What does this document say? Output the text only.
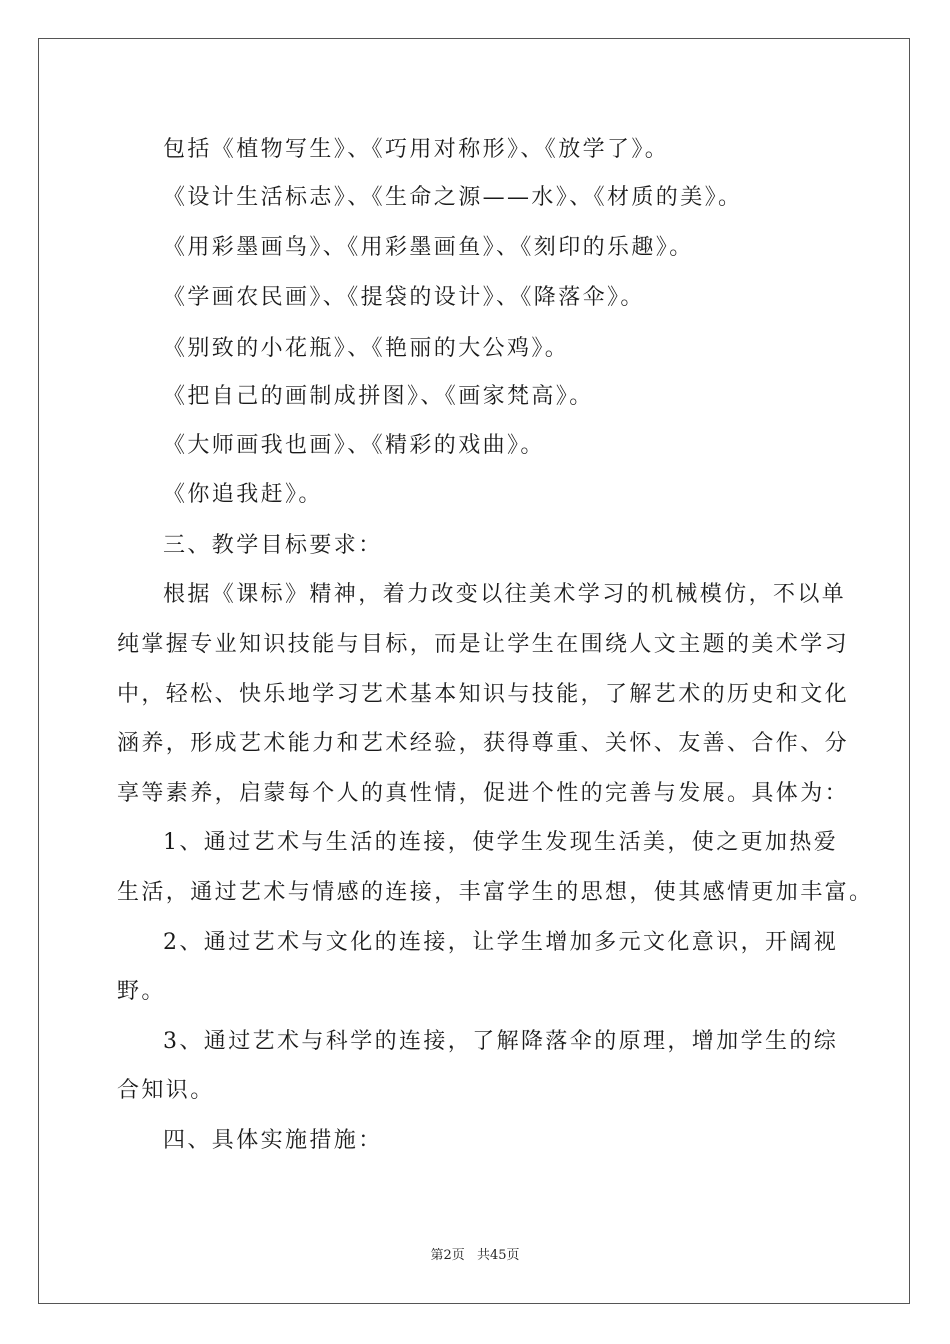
包括《植物写生》、《巧用对称形》、《放学了》。
《设计生活标志》、《生命之源——水》、《材质的美》。
《用彩墨画鸟》、《用彩墨画鱼》、《刻印的乐趣》。
《学画农民画》、《提袋的设计》、《降落伞》。
《别致的小花瓶》、《艳丽的大公鸡》。
《把自己的画制成拼图》、《画家梵高》。
《大师画我也画》、《精彩的戏曲》。
《你追我赶》。
三、教学目标要求：
根据《课标》精神，着力改变以往美术学习的机械模仿，不以单
纯掌握专业知识技能与目标，而是让学生在围绕人文主题的美术学习
中，轻松、快乐地学习艺术基本知识与技能，了解艺术的历史和文化
涵养，形成艺术能力和艺术经验，获得尊重、关怀、友善、合作、分
享等素养，启蒙每个人的真性情，促进个性的完善与发展。具体为：
1、通过艺术与生活的连接，使学生发现生活美，使之更加热爱
生活，通过艺术与情感的连接，丰富学生的思想，使其感情更加丰富。
2、通过艺术与文化的连接，让学生增加多元文化意识，开阔视
野。
3、通过艺术与科学的连接，了解降落伞的原理，增加学生的综
合知识。
四、具体实施措施：
第2页 共45页
